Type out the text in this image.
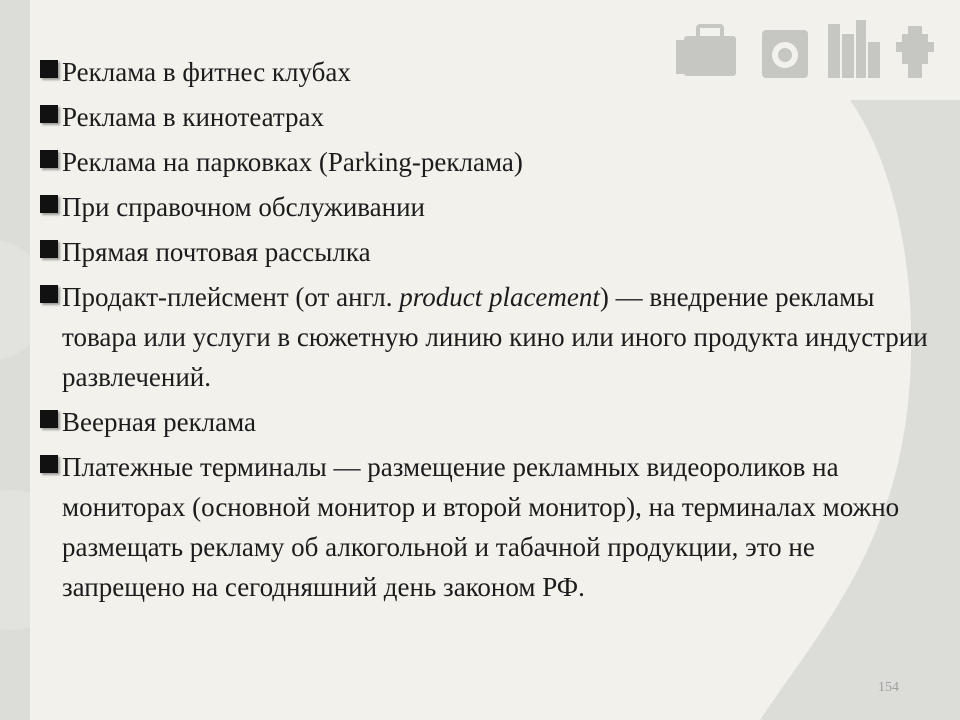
Реклама в фитнес клубах
Реклама в кинотеатрах
Реклама на парковках (Parking-реклама)
При справочном обслуживании
Прямая почтовая рассылка
Продакт-плейсмент (от англ. product placement) — внедрение рекламы товара или услуги в сюжетную линию кино или иного продукта индустрии развлечений.
Веерная реклама
Платежные терминалы — размещение рекламных видеороликов на мониторах (основной монитор и второй монитор), на терминалах можно размещать рекламу об алкогольной и табачной продукции, это не запрещено на сегодняшний день законом РФ.
154
